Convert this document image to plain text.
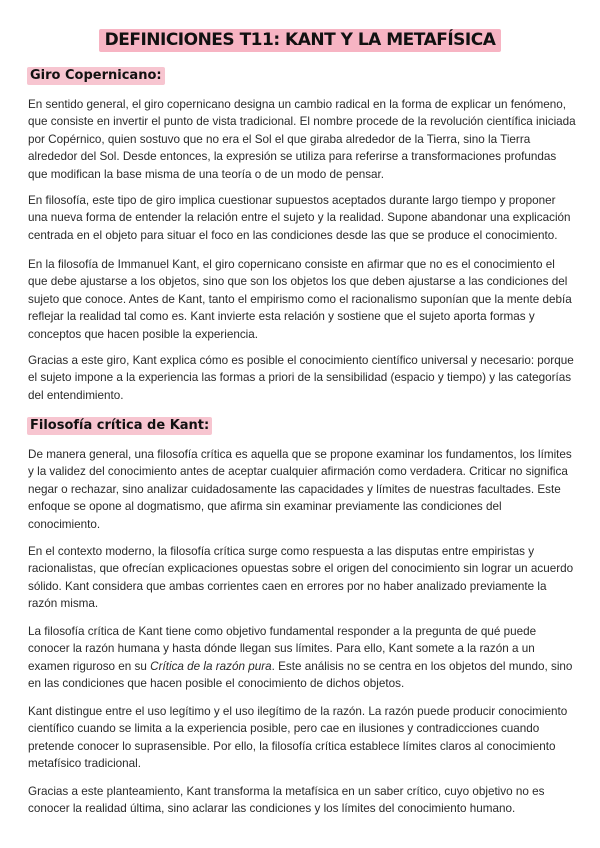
DEFINICIONES T11: KANT Y LA METAFÍSICA
Giro Copernicano:

En sentido general, el giro copernicano designa un cambio radical en la forma de explicar un fenómeno, que consiste en invertir el punto de vista tradicional. El nombre procede de la revolución científica iniciada por Copérnico, quien sostuvo que no era el Sol el que giraba alrededor de la Tierra, sino la Tierra alrededor del Sol. Desde entonces, la expresión se utiliza para referirse a transformaciones profundas que modifican la base misma de una teoría o de un modo de pensar.

En filosofía, este tipo de giro implica cuestionar supuestos aceptados durante largo tiempo y proponer una nueva forma de entender la relación entre el sujeto y la realidad. Supone abandonar una explicación centrada en el objeto para situar el foco en las condiciones desde las que se produce el conocimiento.

En la filosofía de Immanuel Kant, el giro copernicano consiste en afirmar que no es el conocimiento el que debe ajustarse a los objetos, sino que son los objetos los que deben ajustarse a las condiciones del sujeto que conoce. Antes de Kant, tanto el empirismo como el racionalismo suponían que la mente debía reflejar la realidad tal como es. Kant invierte esta relación y sostiene que el sujeto aporta formas y conceptos que hacen posible la experiencia.

Gracias a este giro, Kant explica cómo es posible el conocimiento científico universal y necesario: porque el sujeto impone a la experiencia las formas a priori de la sensibilidad (espacio y tiempo) y las categorías del entendimiento.

Filosofía crítica de Kant:

De manera general, una filosofía crítica es aquella que se propone examinar los fundamentos, los límites y la validez del conocimiento antes de aceptar cualquier afirmación como verdadera. Criticar no significa negar o rechazar, sino analizar cuidadosamente las capacidades y límites de nuestras facultades. Este enfoque se opone al dogmatismo, que afirma sin examinar previamente las condiciones del conocimiento.

En el contexto moderno, la filosofía crítica surge como respuesta a las disputas entre empiristas y racionalistas, que ofrecían explicaciones opuestas sobre el origen del conocimiento sin lograr un acuerdo sólido. Kant considera que ambas corrientes caen en errores por no haber analizado previamente la razón misma.

La filosofía crítica de Kant tiene como objetivo fundamental responder a la pregunta de qué puede conocer la razón humana y hasta dónde llegan sus límites. Para ello, Kant somete a la razón a un examen riguroso en su Crítica de la razón pura. Este análisis no se centra en los objetos del mundo, sino en las condiciones que hacen posible el conocimiento de dichos objetos.

Kant distingue entre el uso legítimo y el uso ilegítimo de la razón. La razón puede producir conocimiento científico cuando se limita a la experiencia posible, pero cae en ilusiones y contradicciones cuando pretende conocer lo suprasensible. Por ello, la filosofía crítica establece límites claros al conocimiento metafísico tradicional.

Gracias a este planteamiento, Kant transforma la metafísica en un saber crítico, cuyo objetivo no es conocer la realidad última, sino aclarar las condiciones y los límites del conocimiento humano.
